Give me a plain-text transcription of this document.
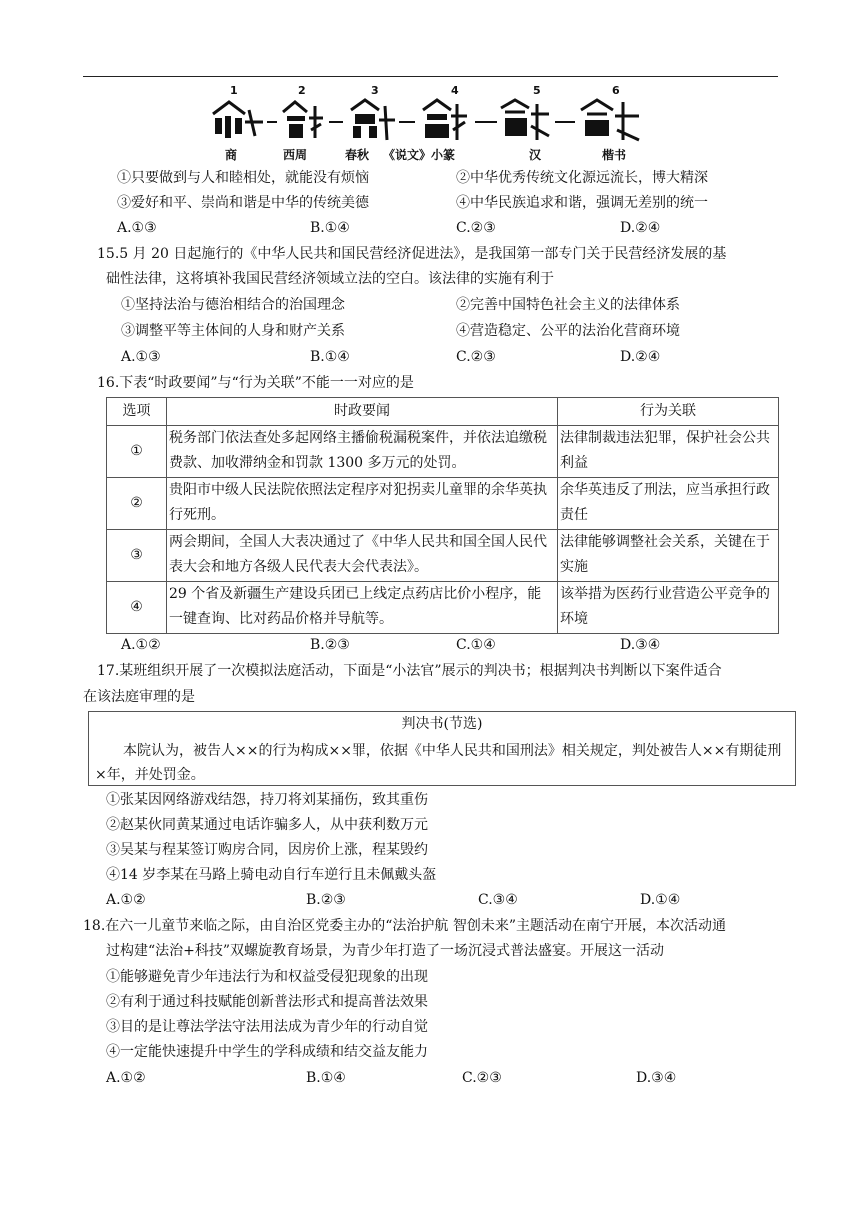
1	2	3	4	5	6
商	西周	春秋 《说文》小篆	汉	楷书
①只要做到与人和睦相处，就能没有烦恼	②中华优秀传统文化源远流长，博大精深
③爱好和平、崇尚和谐是中华的传统美德	④中华民族追求和谐，强调无差别的统一
A.①③	B.①④	C.②③	D.②④
15.5 月 20 日起施行的《中华人民共和国民营经济促进法》，是我国第一部专门关于民营经济发展的基
础性法律，这将填补我国民营经济领域立法的空白。该法律的实施有利于
①坚持法治与德治相结合的治国理念	②完善中国特色社会主义的法律体系
③调整平等主体间的人身和财产关系	④营造稳定、公平的法治化营商环境
A.①③	B.①④	C.②③	D.②④
16.下表“时政要闻”与“行为关联”不能一一对应的是
选项	时政要闻	行为关联
①	税务部门依法查处多起网络主播偷税漏税案件，并依法追缴税费款、加收滞纳金和罚款 1300 多万元的处罚。	法律制裁违法犯罪，保护社会公共利益
②	贵阳市中级人民法院依照法定程序对犯拐卖儿童罪的余华英执行死刑。	余华英违反了刑法，应当承担行政责任
③	两会期间，全国人大表决通过了《中华人民共和国全国人民代表大会和地方各级人民代表大会代表法》。	法律能够调整社会关系，关键在于实施
④	29 个省及新疆生产建设兵团已上线定点药店比价小程序，能一键查询、比对药品价格并导航等。	该举措为医药行业营造公平竞争的环境
A.①②	B.②③	C.①④	D.③④
17.某班组织开展了一次模拟法庭活动，下面是“小法官”展示的判决书；根据判决书判断以下案件适合
在该法庭审理的是
判决书(节选)
本院认为，被告人××的行为构成××罪，依据《中华人民共和国刑法》相关规定，判处被告人××有期徒刑×年，并处罚金。
①张某因网络游戏结怨，持刀将刘某捅伤，致其重伤
②赵某伙同黄某通过电话诈骗多人，从中获利数万元
③吴某与程某签订购房合同，因房价上涨，程某毁约
④14 岁李某在马路上骑电动自行车逆行且未佩戴头盔
A.①②	B.②③	C.③④	D.①④
18.在六一儿童节来临之际，由自治区党委主办的“法治护航 智创未来”主题活动在南宁开展，本次活动通
过构建“法治+科技”双螺旋教育场景，为青少年打造了一场沉浸式普法盛宴。开展这一活动
①能够避免青少年违法行为和权益受侵犯现象的出现
②有利于通过科技赋能创新普法形式和提高普法效果
③目的是让尊法学法守法用法成为青少年的行动自觉
④一定能快速提升中学生的学科成绩和结交益友能力
A.①②	B.①④	C.②③	D.③④
